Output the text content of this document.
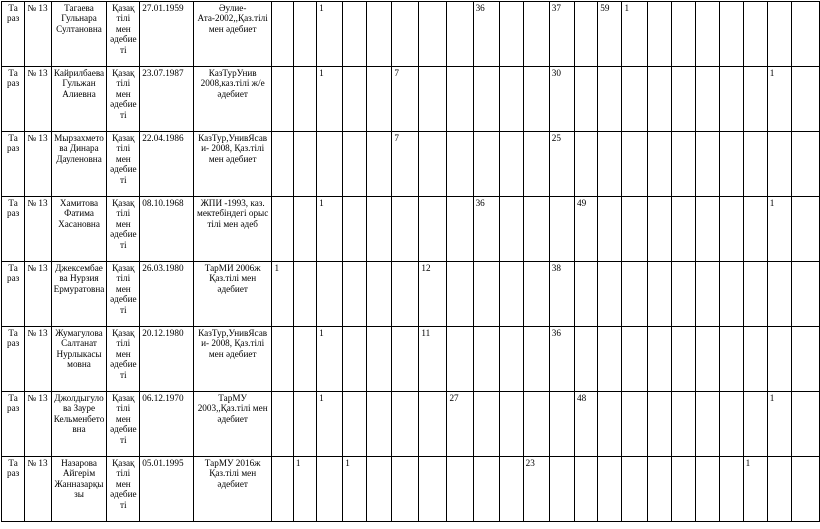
Та раз	№ 13	Тагаева Гульнара Султановна	Қазақ тілі мен әдебиеті	27.01.1959	Әулие-Ата-2002,,Қаз.тілі мен әдебиет			1						36			37		59	1							
Та раз	№ 13	Кайрилбаева Гульжан Алиевна	Қазақ тілі мен әдебиеті	23.07.1987	КазТурУнив 2008,каз.тілі ж/е әдебиет			1			7						30									1	
Та раз	№ 13	Мырзахметова Динара Дауленовна	Қазақ тілі мен әдебиеті	22.04.1986	КазТур,УнивЯсави- 2008, Қаз.тілі мен әдебиет						7						25										
Та раз	№ 13	Хамитова Фатима Хасановна	Қазақ тілі мен әдебиеті	08.10.1968	ЖПИ -1993, каз. мектебіндегі орыс тілі мен әдеб			1						36				49								1	
Та раз	№ 13	Джексембаева Нурзия Ермуратовна	Қазақ тілі мен әдебиеті	26.03.1980	ТарМИ 2006ж Қаз.тілі мен әдебиет	1						12					38										
Та раз	№ 13	Жумагулова Салтанат Нурлыкасымовна	Қазақ тілі мен әдебиеті	20.12.1980	КазТур,УнивЯсави- 2008, Қаз.тілі мен әдебиет			1				11					36										
Та раз	№ 13	Джолдыгулова Зауре Кельменбетовна	Қазақ тілі мен әдебиеті	06.12.1970	ТарМУ 2003,,Қаз.тілі мен әдебиет			1					27					48								1	
Та раз	№ 13	Назарова Айгерім Жанназарқызы	Қазақ тілі мен әдебиеті	05.01.1995	ТарМУ 2016ж Қаз.тілі мен әдебиет		1		1							23									1		
